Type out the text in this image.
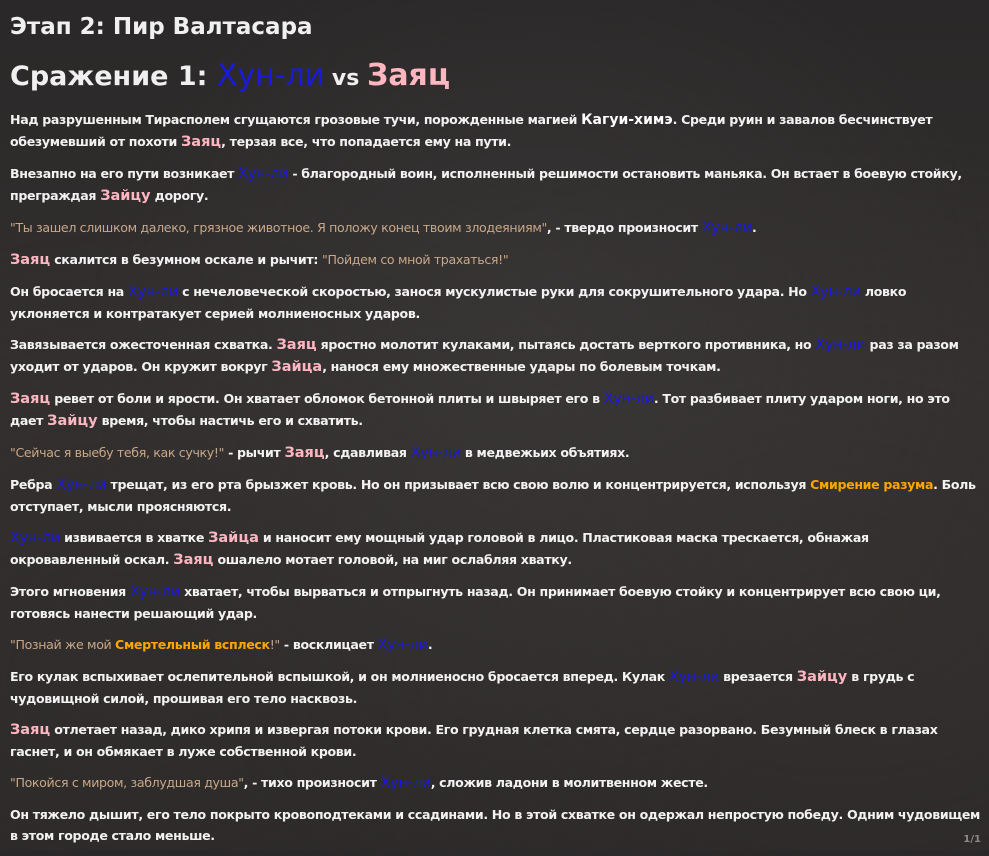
Этап 2: Пир Валтасара
Сражение 1: Хун-ли vs Заяц

Над разрушенным Тирасполем сгущаются грозовые тучи, порожденные магией Кагуи-химэ. Среди руин и завалов бесчинствует обезумевший от похоти Заяц, терзая все, что попадается ему на пути.

Внезапно на его пути возникает Хун-ли - благородный воин, исполненный решимости остановить маньяка. Он встает в боевую стойку, преграждая Зайцу дорогу.

"Ты зашел слишком далеко, грязное животное. Я положу конец твоим злодеяниям", - твердо произносит Хун-ли.

Заяц скалится в безумном оскале и рычит: "Пойдем со мной трахаться!"

Он бросается на Хун-ли с нечеловеческой скоростью, занося мускулистые руки для сокрушительного удара. Но Хун-ли ловко уклоняется и контратакует серией молниеносных ударов.

Завязывается ожесточенная схватка. Заяц яростно молотит кулаками, пытаясь достать верткого противника, но Хун-ли раз за разом уходит от ударов. Он кружит вокруг Зайца, нанося ему множественные удары по болевым точкам.

Заяц ревет от боли и ярости. Он хватает обломок бетонной плиты и швыряет его в Хун-ли. Тот разбивает плиту ударом ноги, но это дает Зайцу время, чтобы настичь его и схватить.

"Сейчас я выебу тебя, как сучку!" - рычит Заяц, сдавливая Хун-ли в медвежьих объятиях.

Ребра Хун-ли трещат, из его рта брызжет кровь. Но он призывает всю свою волю и концентрируется, используя Смирение разума. Боль отступает, мысли проясняются.

Хун-ли извивается в хватке Зайца и наносит ему мощный удар головой в лицо. Пластиковая маска трескается, обнажая окровавленный оскал. Заяц ошалело мотает головой, на миг ослабляя хватку.

Этого мгновения Хун-ли хватает, чтобы вырваться и отпрыгнуть назад. Он принимает боевую стойку и концентрирует всю свою ци, готовясь нанести решающий удар.

"Познай же мой Смертельный всплеск!" - восклицает Хун-ли.

Его кулак вспыхивает ослепительной вспышкой, и он молниеносно бросается вперед. Кулак Хун-ли врезается Зайцу в грудь с чудовищной силой, прошивая его тело насквозь.

Заяц отлетает назад, дико хрипя и извергая потоки крови. Его грудная клетка смята, сердце разорвано. Безумный блеск в глазах гаснет, и он обмякает в луже собственной крови.

"Покойся с миром, заблудшая душа", - тихо произносит Хун-ли, сложив ладони в молитвенном жесте.

Он тяжело дышит, его тело покрыто кровоподтеками и ссадинами. Но в этой схватке он одержал непростую победу. Одним чудовищем в этом городе стало меньше.	1/1
